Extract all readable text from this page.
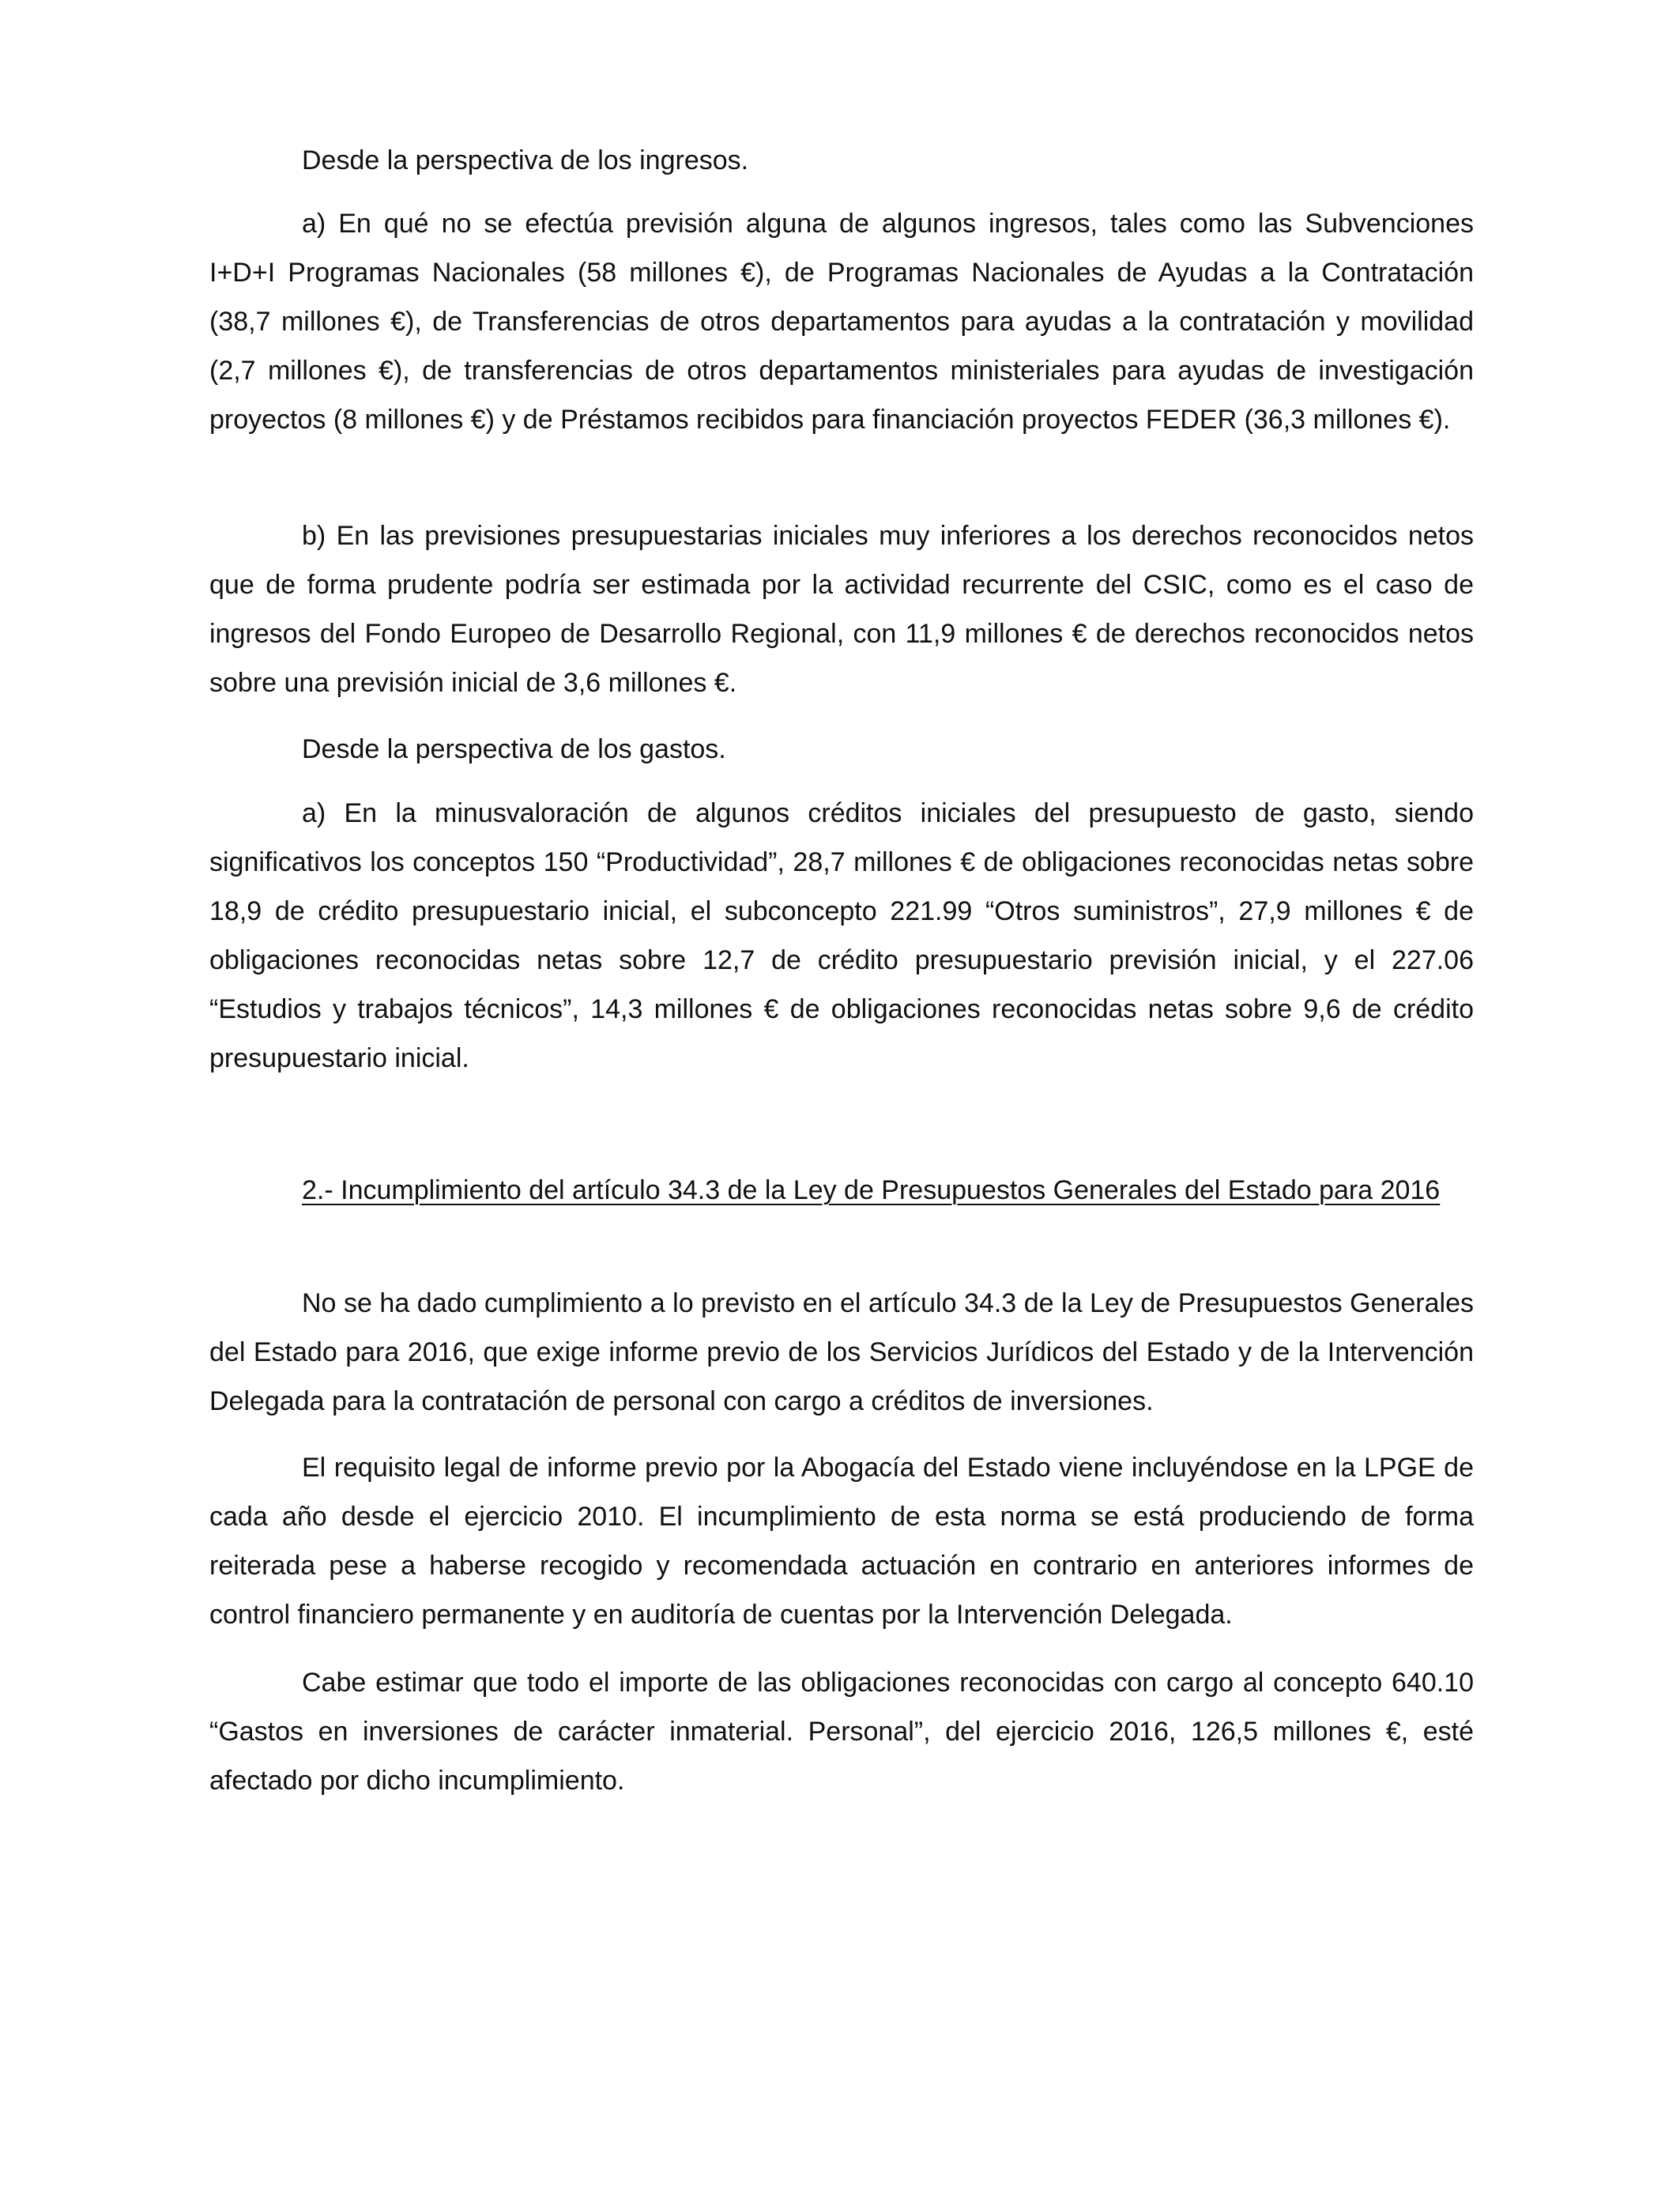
Desde la perspectiva de los ingresos.

a) En qué no se efectúa previsión alguna de algunos ingresos, tales como las Subvenciones I+D+I Programas Nacionales (58 millones €), de Programas Nacionales de Ayudas a la Contratación (38,7 millones €), de Transferencias de otros departamentos para ayudas a la contratación y movilidad (2,7 millones €), de transferencias de otros departamentos ministeriales para ayudas de investigación proyectos (8 millones €) y de Préstamos recibidos para financiación proyectos FEDER (36,3 millones €).

b) En las previsiones presupuestarias iniciales muy inferiores a los derechos reconocidos netos que de forma prudente podría ser estimada por la actividad recurrente del CSIC, como es el caso de ingresos del Fondo Europeo de Desarrollo Regional, con 11,9 millones € de derechos reconocidos netos sobre una previsión inicial de 3,6 millones €.

Desde la perspectiva de los gastos.

a) En la minusvaloración de algunos créditos iniciales del presupuesto de gasto, siendo significativos los conceptos 150 “Productividad”, 28,7 millones € de obligaciones reconocidas netas sobre 18,9 de crédito presupuestario inicial, el subconcepto 221.99 “Otros suministros”, 27,9 millones € de obligaciones reconocidas netas sobre 12,7 de crédito presupuestario previsión inicial, y el 227.06 “Estudios y trabajos técnicos”, 14,3 millones € de obligaciones reconocidas netas sobre 9,6 de crédito presupuestario inicial.

2.- Incumplimiento del artículo 34.3 de la Ley de Presupuestos Generales del Estado para 2016

No se ha dado cumplimiento a lo previsto en el artículo 34.3 de la Ley de Presupuestos Generales del Estado para 2016, que exige informe previo de los Servicios Jurídicos del Estado y de la Intervención Delegada para la contratación de personal con cargo a créditos de inversiones.

El requisito legal de informe previo por la Abogacía del Estado viene incluyéndose en la LPGE de cada año desde el ejercicio 2010. El incumplimiento de esta norma se está produciendo de forma reiterada pese a haberse recogido y recomendada actuación en contrario en anteriores informes de control financiero permanente y en auditoría de cuentas por la Intervención Delegada.

Cabe estimar que todo el importe de las obligaciones reconocidas con cargo al concepto 640.10 “Gastos en inversiones de carácter inmaterial. Personal”, del ejercicio 2016, 126,5 millones €, esté afectado por dicho incumplimiento.
